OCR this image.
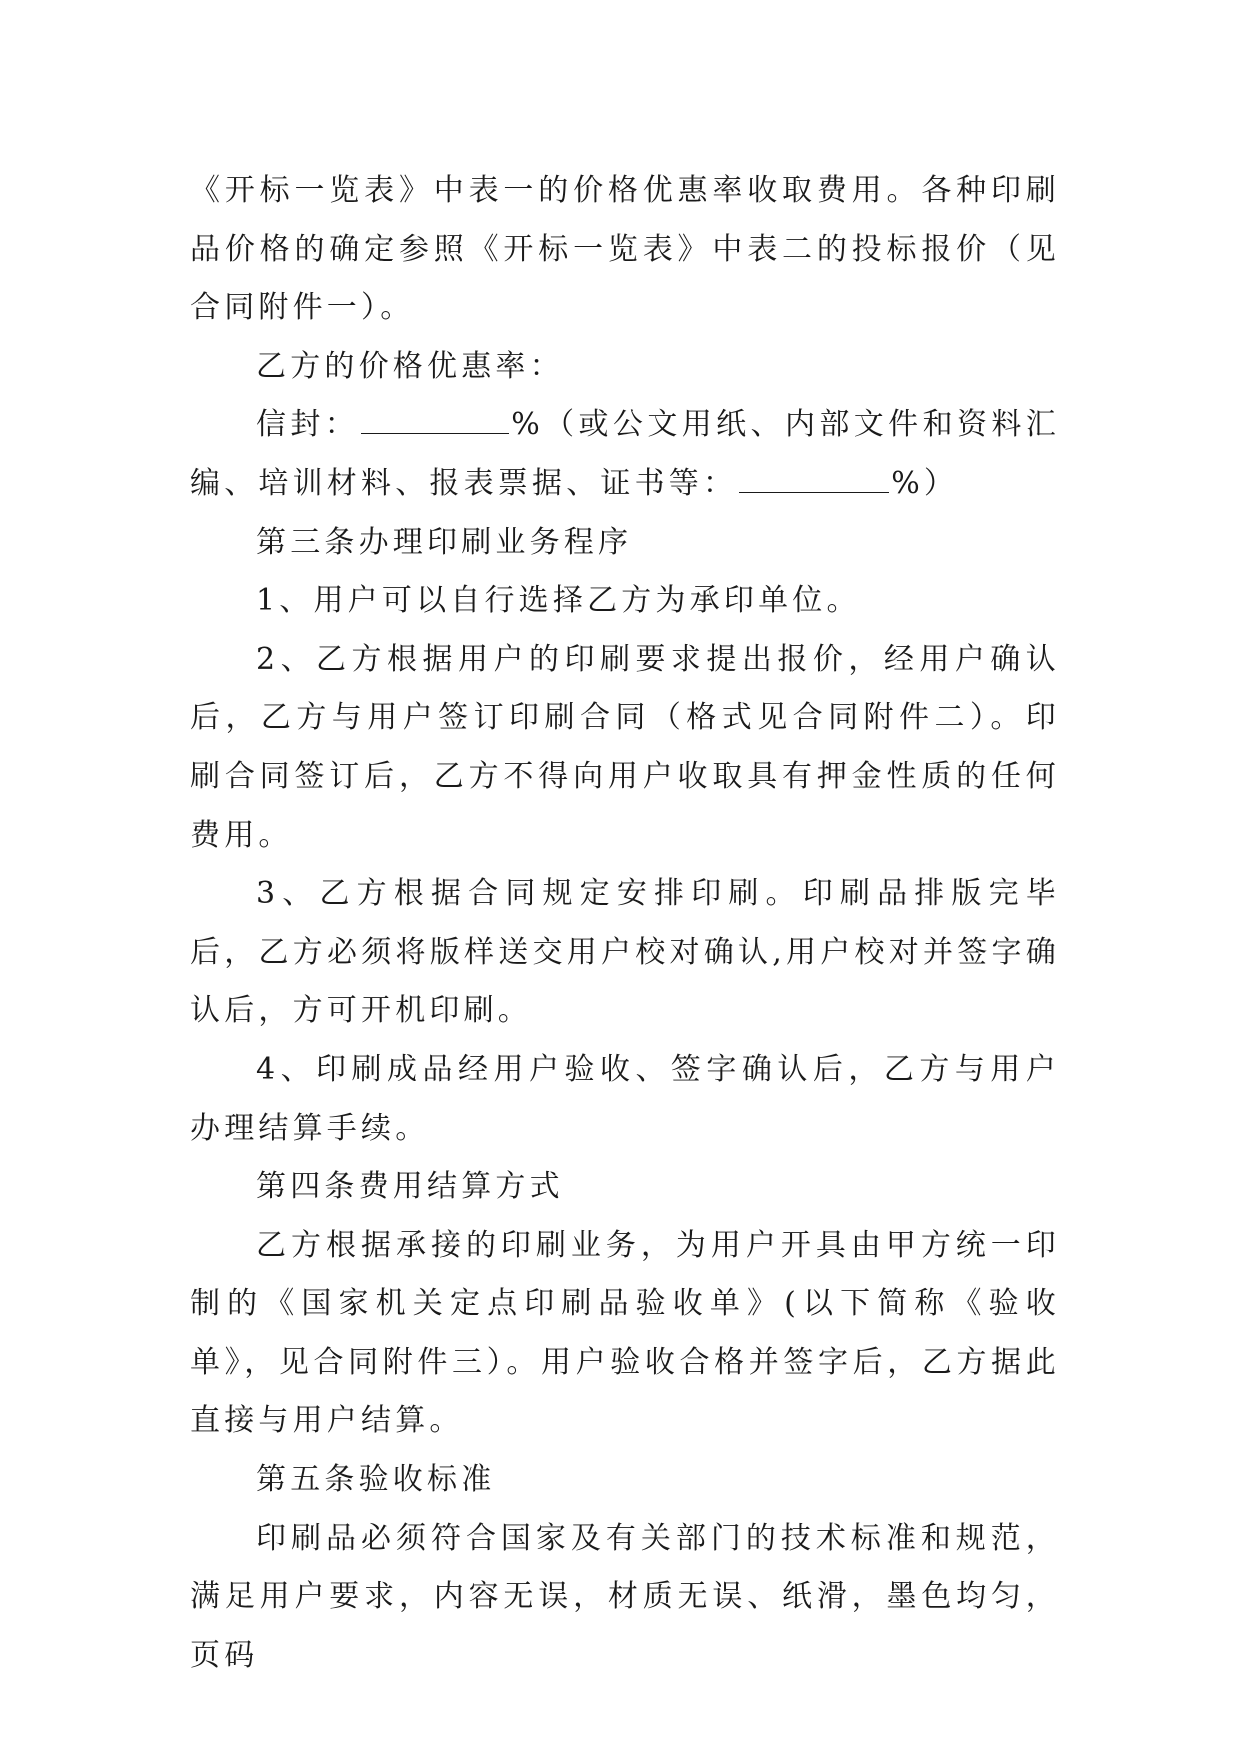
《开标一览表》中表一的价格优惠率收取费用。各种印刷品价格的确定参照《开标一览表》中表二的投标报价（见合同附件一）。

乙方的价格优惠率：

信封：	%（或公文用纸、内部文件和资料汇编、培训材料、报表票据、证书等：	%）

第三条办理印刷业务程序

1、用户可以自行选择乙方为承印单位。

2、乙方根据用户的印刷要求提出报价，经用户确认后，乙方与用户签订印刷合同（格式见合同附件二）。印刷合同签订后，乙方不得向用户收取具有押金性质的任何费用。

3、乙方根据合同规定安排印刷。印刷品排版完毕后，乙方必须将版样送交用户校对确认,用户校对并签字确认后，方可开机印刷。

4、印刷成品经用户验收、签字确认后，乙方与用户办理结算手续。

第四条费用结算方式

乙方根据承接的印刷业务，为用户开具由甲方统一印制的《国家机关定点印刷品验收单》(以下简称《验收单》，见合同附件三）。用户验收合格并签字后，乙方据此直接与用户结算。

第五条验收标准

印刷品必须符合国家及有关部门的技术标准和规范，满足用户要求，内容无误，材质无误、纸滑，墨色均匀，页码
